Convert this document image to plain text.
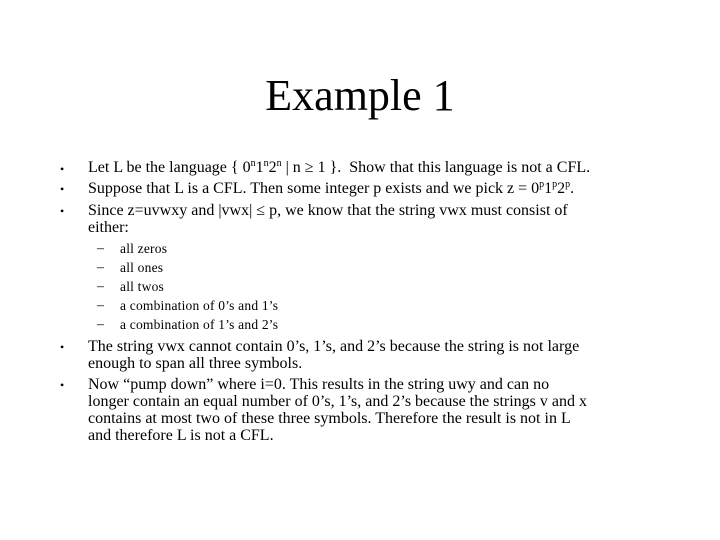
Example 1
• Let L be the language { 0$^n$1$^n$2$^n$ | n ≥ 1 }.  Show that this language is not a CFL.
• Suppose that L is a CFL. Then some integer p exists and we pick $z = 0^p1^p2^p$.
• Since z=uvwxy and |vwx| ≤ p, we know that the string vwx must consist of
either:
– all zeros
– all ones
– all twos
– a combination of 0’s and 1’s
– a combination of 1’s and 2’s
• The string vwx cannot contain 0’s, 1’s, and 2’s because the string is not large
enough to span all three symbols.
• Now “pump down” where i=0. This results in the string uwy and can no
longer contain an equal number of 0’s, 1’s, and 2’s because the strings v and x
contains at most two of these three symbols. Therefore the result is not in L
and therefore L is not a CFL.
